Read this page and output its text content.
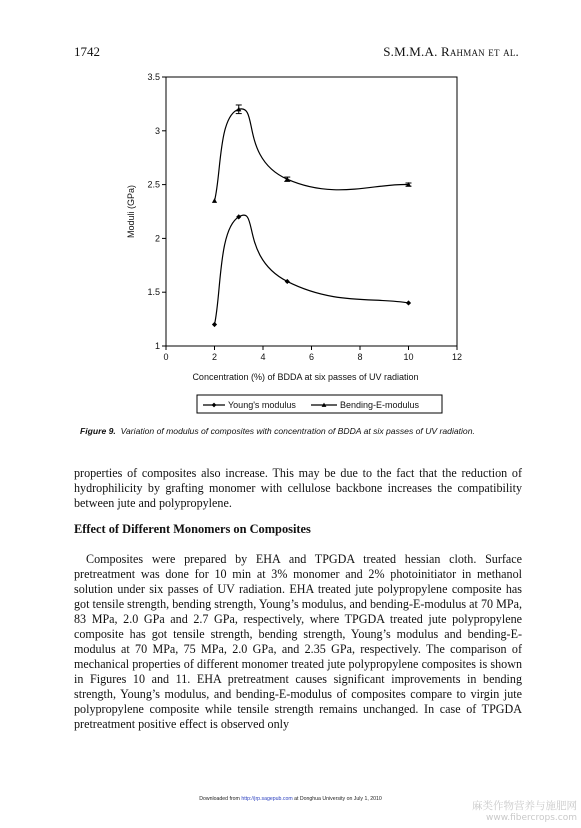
1742	S.M.M.A. Rahman et al.
0	2	4	6	8	10	12
1
1.5
2
2.5
3
3.5
Concentration (%) of BDDA at six passes of UV radiation
Moduli (GPa)
Young's modulus	Bending-E-modulus
Figure 9. Variation of modulus of composites with concentration of BDDA at six passes of UV radiation.
properties of composites also increase. This may be due to the fact that the reduction of hydrophilicity by grafting monomer with cellulose backbone increases the compatibility between jute and polypropylene.
Effect of Different Monomers on Composites
Composites were prepared by EHA and TPGDA treated hessian cloth. Surface pretreatment was done for 10 min at 3% monomer and 2% photoinitiator in methanol solution under six passes of UV radiation. EHA treated jute polypropylene composite has got tensile strength, bending strength, Young’s modulus, and bending-E-modulus at 70 MPa, 83 MPa, 2.0 GPa and 2.7 GPa, respectively, where TPGDA treated jute polypropylene composite has got tensile strength, bending strength, Young’s modulus and bending-E-modulus at 70 MPa, 75 MPa, 2.0 GPa, and 2.35 GPa, respectively. The comparison of mechanical properties of different monomer treated jute polypropylene composites is shown in Figures 10 and 11. EHA pretreatment causes significant improvements in bending strength, Young’s modulus, and bending-E-modulus of composites compare to virgin jute polypropylene composite while tensile strength remains unchanged. In case of TPGDA pretreatment positive effect is observed only
Downloaded from http://jrp.sagepub.com at Donghua University on July 1, 2010
麻类作物营养与施肥网
www.fibercrops.com
